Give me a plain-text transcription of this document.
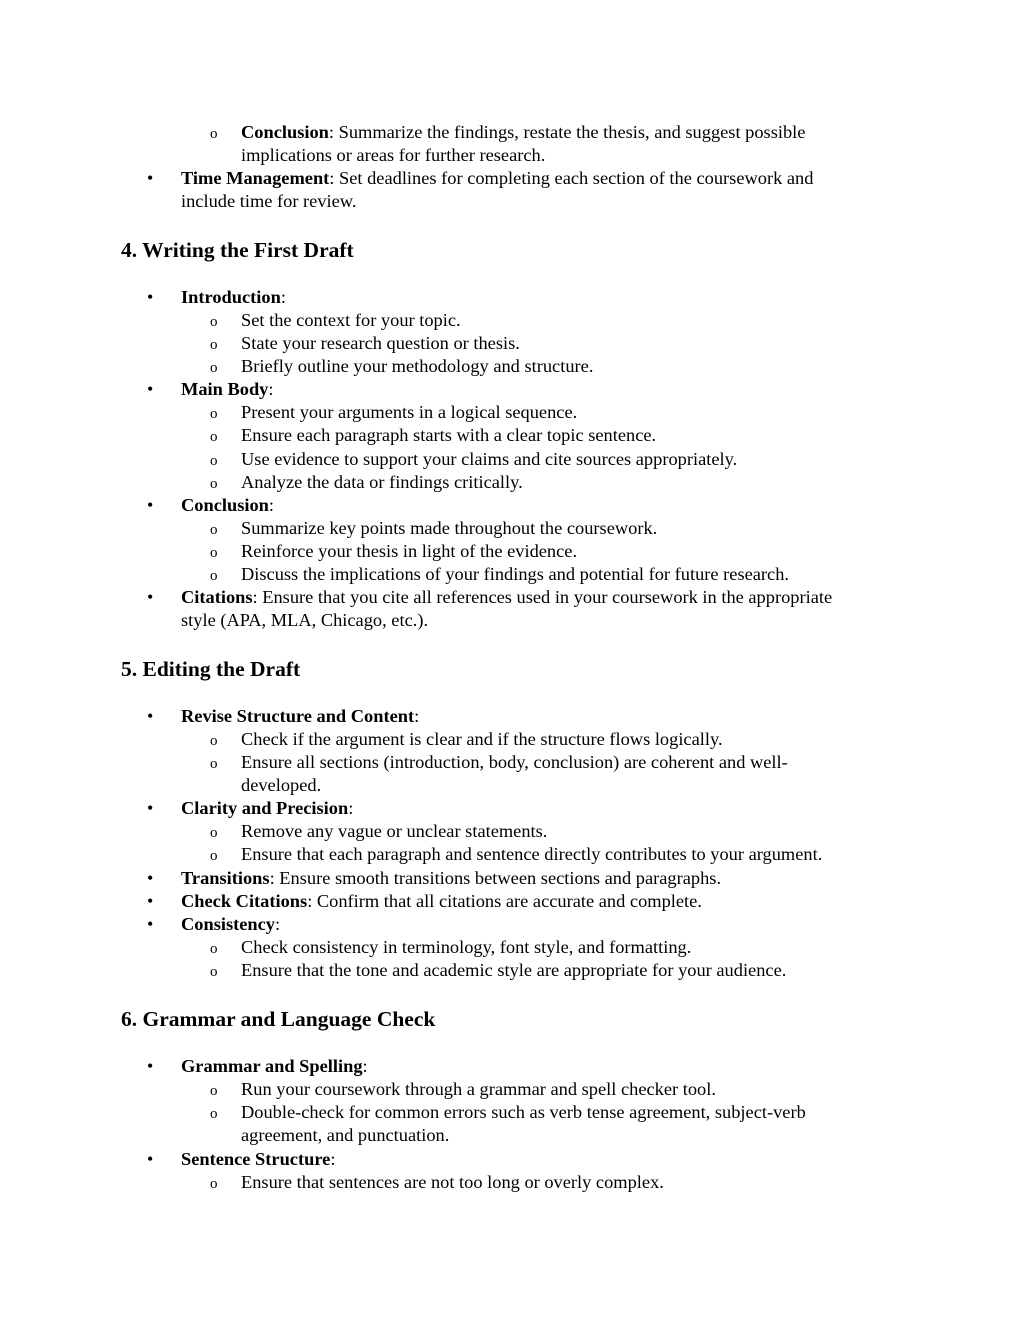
o Conclusion: Summarize the findings, restate the thesis, and suggest possible
implications or areas for further research.
• Time Management: Set deadlines for completing each section of the coursework and
include time for review.
4. Writing the First Draft
• Introduction:
o Set the context for your topic.
o State your research question or thesis.
o Briefly outline your methodology and structure.
• Main Body:
o Present your arguments in a logical sequence.
o Ensure each paragraph starts with a clear topic sentence.
o Use evidence to support your claims and cite sources appropriately.
o Analyze the data or findings critically.
• Conclusion:
o Summarize key points made throughout the coursework.
o Reinforce your thesis in light of the evidence.
o Discuss the implications of your findings and potential for future research.
• Citations: Ensure that you cite all references used in your coursework in the appropriate
style (APA, MLA, Chicago, etc.).
5. Editing the Draft
• Revise Structure and Content:
o Check if the argument is clear and if the structure flows logically.
o Ensure all sections (introduction, body, conclusion) are coherent and well-
developed.
• Clarity and Precision:
o Remove any vague or unclear statements.
o Ensure that each paragraph and sentence directly contributes to your argument.
• Transitions: Ensure smooth transitions between sections and paragraphs.
• Check Citations: Confirm that all citations are accurate and complete.
• Consistency:
o Check consistency in terminology, font style, and formatting.
o Ensure that the tone and academic style are appropriate for your audience.
6. Grammar and Language Check
• Grammar and Spelling:
o Run your coursework through a grammar and spell checker tool.
o Double-check for common errors such as verb tense agreement, subject-verb
agreement, and punctuation.
• Sentence Structure:
o Ensure that sentences are not too long or overly complex.
